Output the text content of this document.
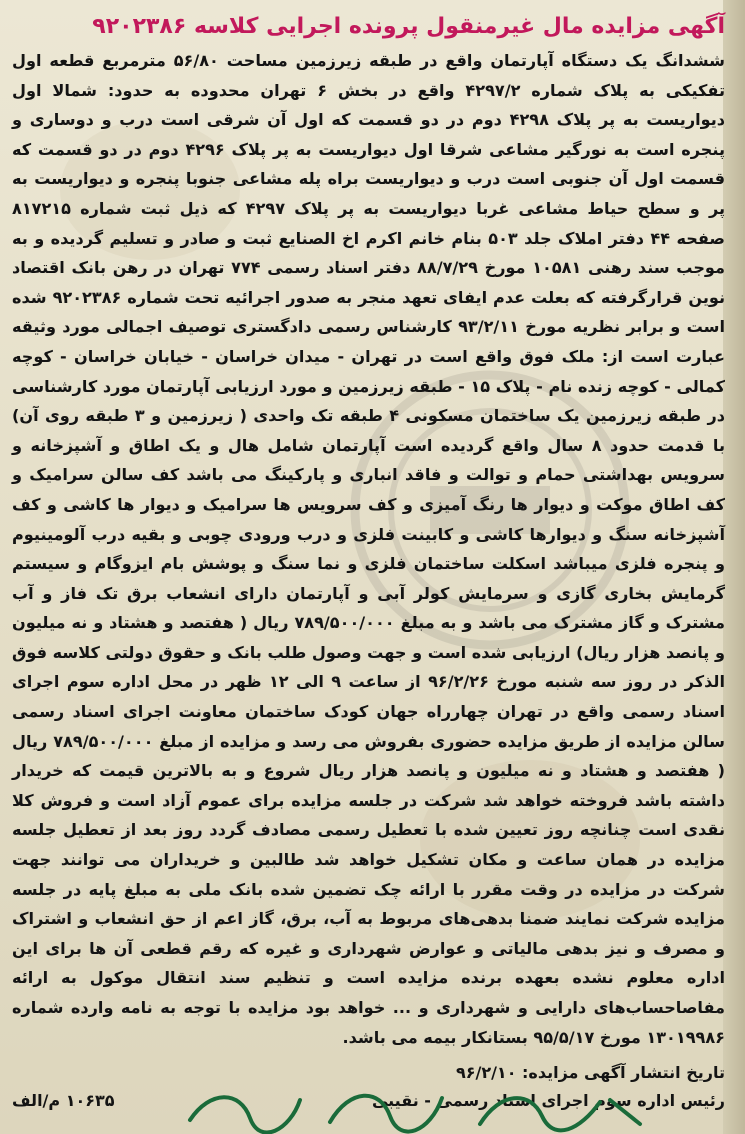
آگهی مزایده مال غیرمنقول پرونده اجرایی کلاسه ۹۲۰۲۳۸۶
ششدانگ یک دستگاه آپارتمان واقع در طبقه زیرزمین مساحت ۵۶/۸۰ مترمربع قطعه اول تفکیکی به پلاک شماره ۴۲۹۷/۲ واقع در بخش ۶ تهران محدوده به حدود: شمالا اول دیواریست به پر پلاک ۴۲۹۸ دوم در دو قسمت که اول آن شرقی است درب و دوساری و پنجره است به نورگیر مشاعی شرقا اول دیواریست به پر پلاک ۴۲۹۶ دوم در دو قسمت که قسمت اول آن جنوبی است درب و دیواریست براه پله مشاعی جنوبا پنجره و دیواریست به پر و سطح حیاط مشاعی غربا دیواریست به پر پلاک ۴۲۹۷ که ذیل ثبت شماره ۸۱۷۲۱۵ صفحه ۴۴ دفتر املاک جلد ۵۰۳ بنام خانم اکرم اخ الصنایع ثبت و صادر و تسلیم گردیده و به موجب سند رهنی ۱۰۵۸۱ مورخ ۸۸/۷/۲۹ دفتر اسناد رسمی ۷۷۴ تهران در رهن بانک اقتصاد نوین قرارگرفته که بعلت عدم ایفای تعهد منجر به صدور اجرائیه تحت شماره ۹۲۰۲۳۸۶ شده است و برابر نظریه مورخ ۹۳/۲/۱۱ کارشناس رسمی دادگستری توصیف اجمالی مورد وثیقه عبارت است از: ملک فوق واقع است در تهران - میدان خراسان - خیابان خراسان - کوچه کمالی - کوچه زنده نام - پلاک ۱۵ - طبقه زیرزمین و مورد ارزیابی آپارتمان مورد کارشناسی در طبقه زیرزمین یک ساختمان مسکونی ۴ طبقه تک واحدی ( زیرزمین و ۳ طبقه روی آن) با قدمت حدود ۸ سال واقع گردیده است آپارتمان شامل هال و یک اطاق و آشپزخانه و سرویس بهداشتی حمام و توالت و فاقد انباری و پارکینگ می باشد کف سالن سرامیک و کف اطاق موکت و دیوار ها رنگ آمیزی و کف سرویس ها سرامیک و دیوار ها کاشی و کف آشپزخانه سنگ و دیوارها کاشی و کابینت فلزی و درب ورودی چوبی و بقیه درب آلومینیوم و پنجره فلزی میباشد اسکلت ساختمان فلزی و نما سنگ و پوشش بام ایزوگام و سیستم گرمایش بخاری گازی و سرمایش کولر آبی و آپارتمان دارای انشعاب برق تک فاز و آب مشترک و گاز مشترک می باشد و به مبلغ ۷۸۹/۵۰۰/۰۰۰ ریال ( هفتصد و هشتاد و نه میلیون و پانصد هزار ریال) ارزیابی شده است و جهت وصول طلب بانک و حقوق دولتی کلاسه فوق الذکر در روز سه شنبه مورخ ۹۶/۲/۲۶ از ساعت ۹ الی ۱۲ ظهر در محل اداره سوم اجرای اسناد رسمی واقع در تهران چهارراه جهان کودک ساختمان معاونت اجرای اسناد رسمی سالن مزایده از طریق مزایده حضوری بفروش می رسد و مزایده از مبلغ ۷۸۹/۵۰۰/۰۰۰ ریال ( هفتصد و هشتاد و نه میلیون و پانصد هزار ریال شروع و به بالاترین قیمت که خریدار داشته باشد فروخته خواهد شد شرکت در جلسه مزایده برای عموم آزاد است و فروش کلا نقدی است چنانچه روز تعیین شده با تعطیل رسمی مصادف گردد روز بعد از تعطیل جلسه مزایده در همان ساعت و مکان تشکیل خواهد شد طالبین و خریداران می توانند جهت شرکت در مزایده در وقت مقرر با ارائه چک تضمین شده بانک ملی به مبلغ پایه در جلسه مزایده شرکت نمایند ضمنا بدهی‌های مربوط به آب، برق، گاز اعم از حق انشعاب و اشتراک و مصرف و نیز بدهی مالیاتی و عوارض شهرداری و غیره که رقم قطعی آن ها برای این اداره معلوم نشده بعهده برنده مزایده است و تنظیم سند انتقال موکول به ارائه مفاصاحساب‌های دارایی و شهرداری و ... خواهد بود مزایده با توجه به نامه وارده شماره ۱۳۰۱۹۹۸۶ مورخ ۹۵/۵/۱۷ بستانکار بیمه می باشد.
تاریخ انتشار آگهی مزایده: ۹۶/۲/۱۰
رئیس اداره سوم اجرای اسناد رسمی - نقیبی
۱۰۶۳۵ م/الف
